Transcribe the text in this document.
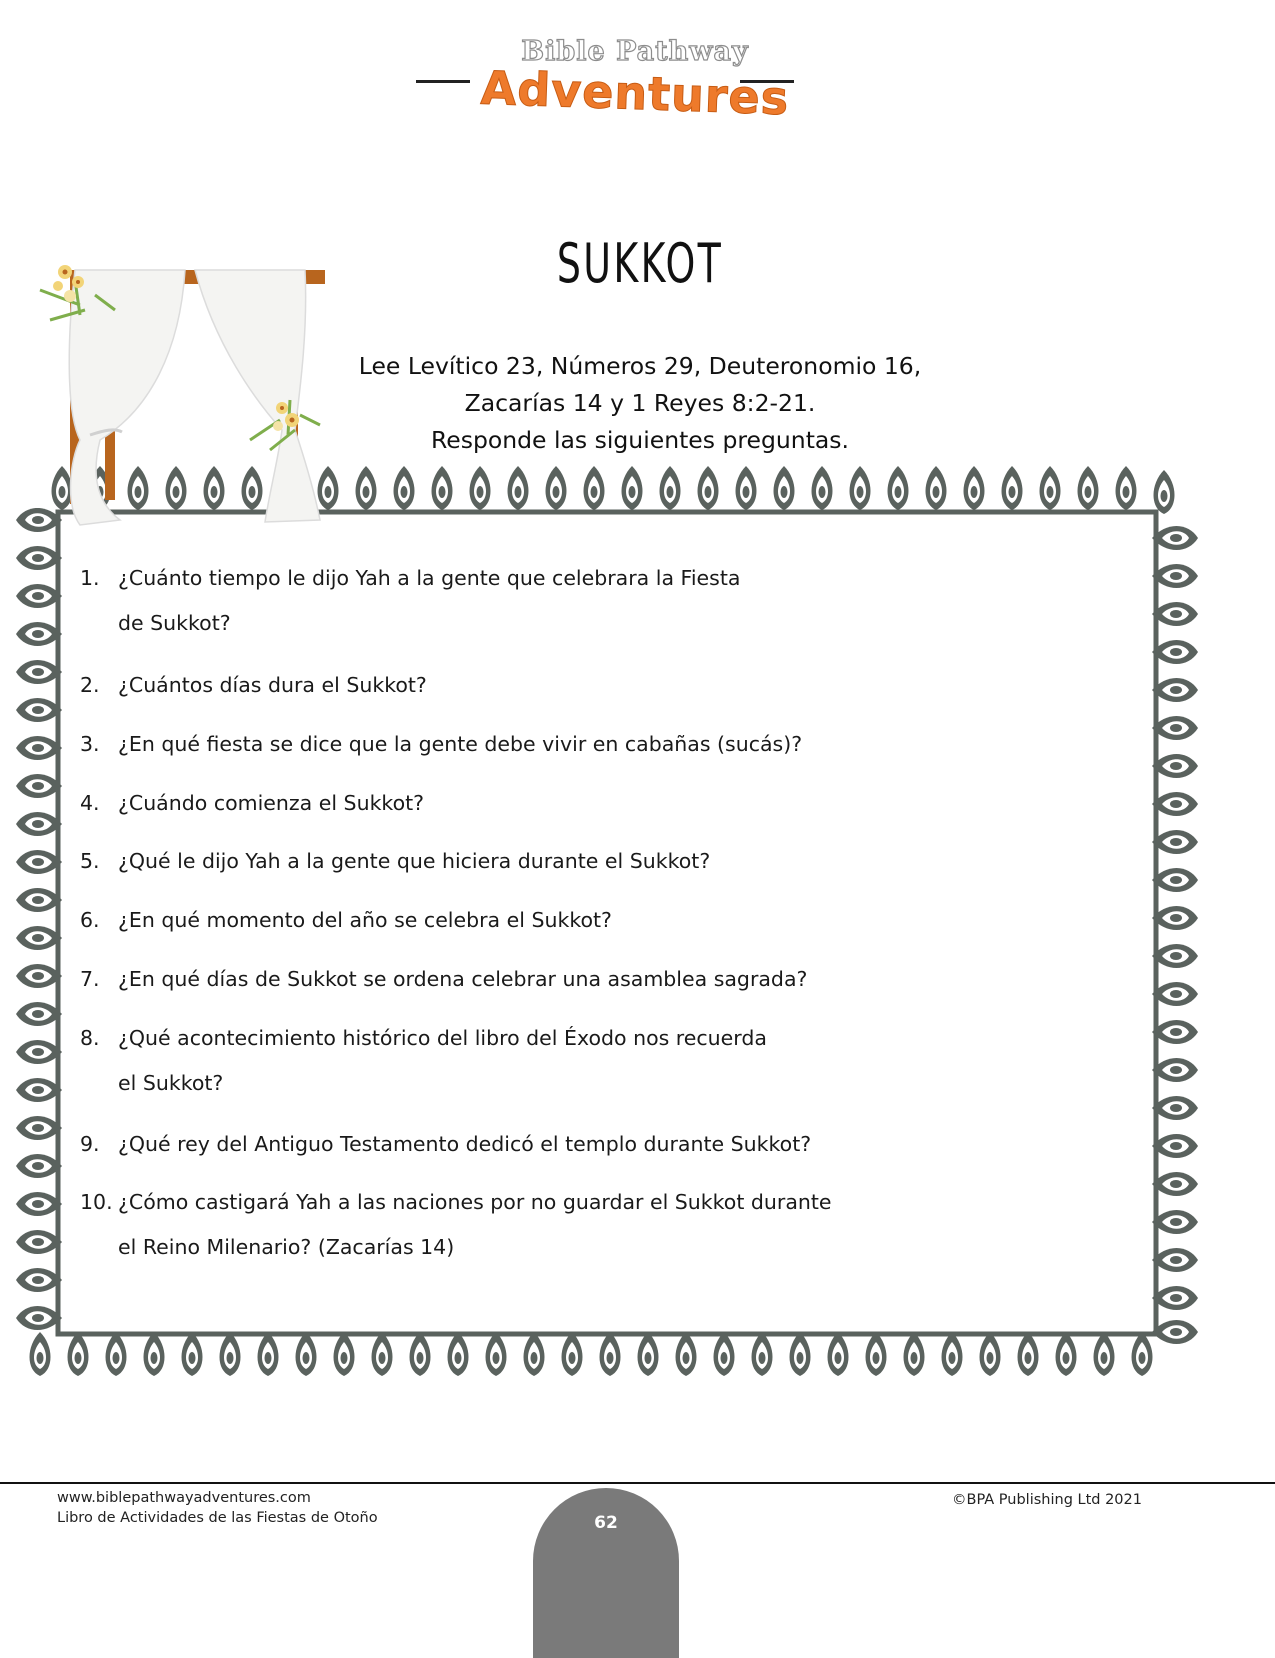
Bible Pathway
Adventures
SUKKOT
Lee Levítico 23, Números 29, Deuteronomio 16,
Zacarías 14 y 1 Reyes 8:2-21.
Responde las siguientes preguntas.
1. ¿Cuánto tiempo le dijo Yah a la gente que celebrara la Fiesta
de Sukkot?
2. ¿Cuántos días dura el Sukkot?
3. ¿En qué fiesta se dice que la gente debe vivir en cabañas (sucás)?
4. ¿Cuándo comienza el Sukkot?
5. ¿Qué le dijo Yah a la gente que hiciera durante el Sukkot?
6. ¿En qué momento del año se celebra el Sukkot?
7. ¿En qué días de Sukkot se ordena celebrar una asamblea sagrada?
8. ¿Qué acontecimiento histórico del libro del Éxodo nos recuerda
el Sukkot?
9. ¿Qué rey del Antiguo Testamento dedicó el templo durante Sukkot?
10. ¿Cómo castigará Yah a las naciones por no guardar el Sukkot durante
el Reino Milenario? (Zacarías 14)
www.biblepathwayadventures.com
Libro de Actividades de las Fiestas de Otoño
©BPA Publishing Ltd 2021
62
